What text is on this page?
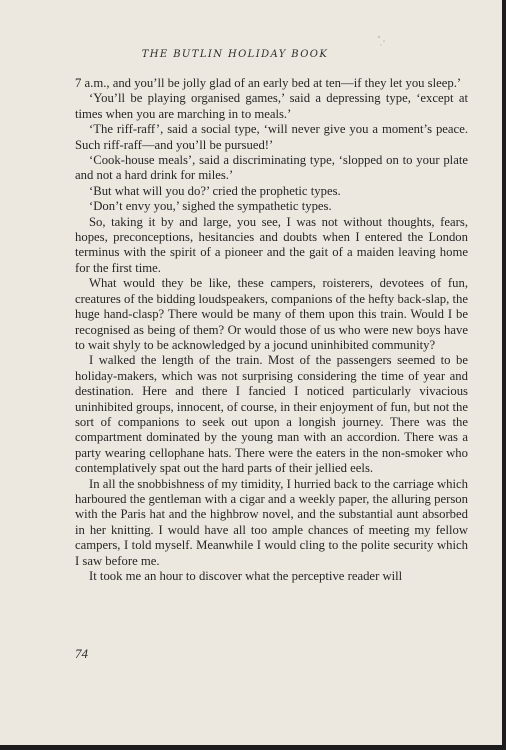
THE BUTLIN HOLIDAY BOOK

7 a.m., and you’ll be jolly glad of an early bed at ten—if they let you sleep.’

‘You’ll be playing organised games,’ said a depressing type, ‘except at times when you are marching in to meals.’

‘The riff-raff’, said a social type, ‘will never give you a moment’s peace. Such riff-raff—and you’ll be pursued!’

‘Cook-house meals’, said a discriminating type, ‘slopped on to your plate and not a hard drink for miles.’

‘But what will you do?’ cried the prophetic types.

‘Don’t envy you,’ sighed the sympathetic types.

So, taking it by and large, you see, I was not without thoughts, fears, hopes, preconceptions, hesitancies and doubts when I entered the London terminus with the spirit of a pioneer and the gait of a maiden leaving home for the first time.

What would they be like, these campers, roisterers, devotees of fun, creatures of the bidding loudspeakers, companions of the hefty back-slap, the huge hand-clasp? There would be many of them upon this train. Would I be recognised as being of them? Or would those of us who were new boys have to wait shyly to be acknowledged by a jocund uninhibited community?

I walked the length of the train. Most of the passengers seemed to be holiday-makers, which was not surprising considering the time of year and destination. Here and there I fancied I noticed particularly vivacious uninhibited groups, innocent, of course, in their enjoyment of fun, but not the sort of companions to seek out upon a longish journey. There was the compartment dominated by the young man with an accordion. There was a party wearing cellophane hats. There were the eaters in the non-smoker who contemplatively spat out the hard parts of their jellied eels.

In all the snobbishness of my timidity, I hurried back to the carriage which harboured the gentleman with a cigar and a weekly paper, the alluring person with the Paris hat and the highbrow novel, and the substantial aunt absorbed in her knitting. I would have all too ample chances of meeting my fellow campers, I told myself. Meanwhile I would cling to the polite security which I saw before me.

It took me an hour to discover what the perceptive reader will

74
